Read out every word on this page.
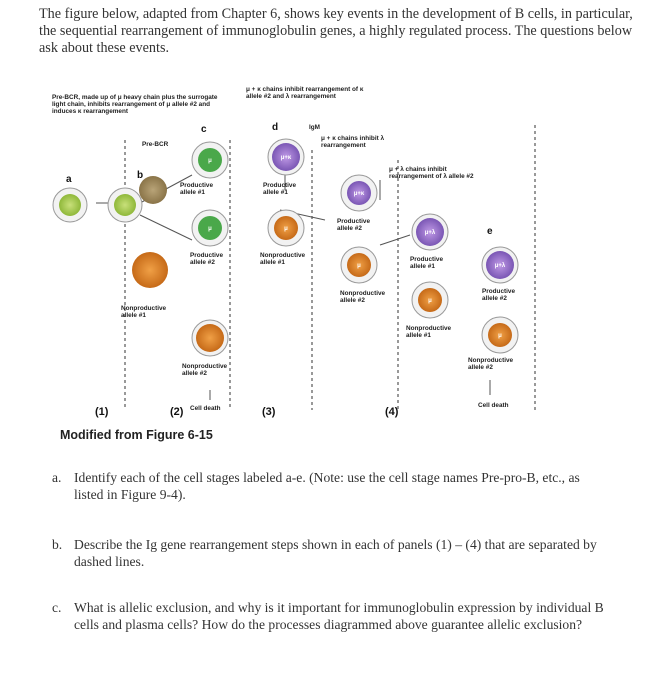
The figure below, adapted from Chapter 6, shows key events in the development of B cells, in particular, the sequential rearrangement of immunoglobulin genes, a highly regulated process. The questions below ask about these events.
μ
μ
μ+κ
μ
μ+κ
μ
μ+λ
μ
μ+λ
μ
Pre-BCR, made up of μ heavy chain plus the surrogate light chain, inhibits rearrangement of μ allele #2 and induces κ rearrangement
μ + κ chains inhibit rearrangement of κ allele #2 and λ rearrangement
μ + κ chains inhibit λ rearrangement
μ + λ chains inhibit rearrangement of λ allele #2
Pre-BCR
IgM
a	b
c	d
e
Productive allele #1
Productive allele #1
Productive allele #2
Nonproductive allele #1
Productive allele #2
Nonproductive allele #2
Productive allele #1
Nonproductive allele #1
Productive allele #2
Nonproductive allele #2
Nonproductive allele #1
Nonproductive allele #2
Cell death	Cell death
(1)	(2)	(3)	(4)
Modified from Figure 6-15
a. Identify each of the cell stages labeled a-e. (Note: use the cell stage names Pre-pro-B, etc., as listed in Figure 9-4).
b. Describe the Ig gene rearrangement steps shown in each of panels (1) – (4) that are separated by dashed lines.
c. What is allelic exclusion, and why is it important for immunoglobulin expression by individual B cells and plasma cells? How do the processes diagrammed above guarantee allelic exclusion?
